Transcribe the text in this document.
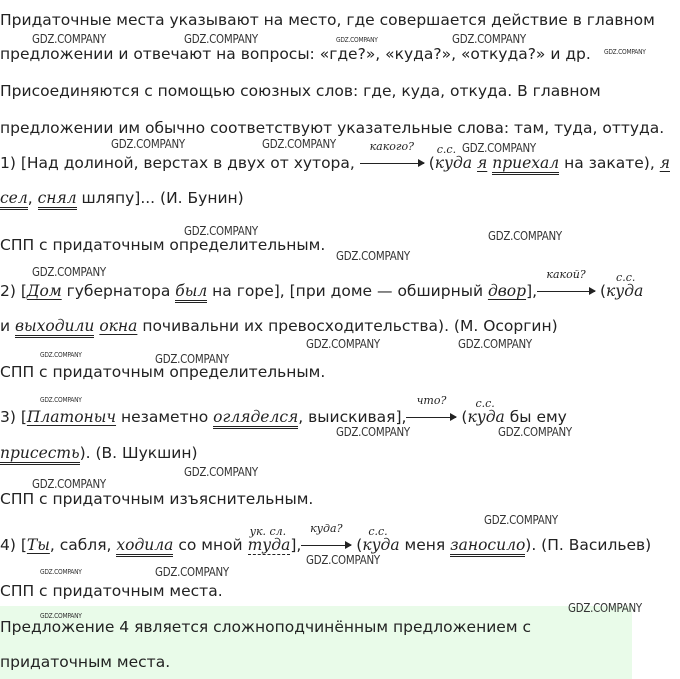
Придаточные места указывают на место, где совершается действие в главном
предложении и отвечают на вопросы: «где?», «куда?», «откуда?» и др.
Присоединяются с помощью союзных слов: где, куда, откуда. В главном
предложении им обычно соответствуют указательные слова: там, туда, оттуда.
1) [Над долиной, верстах в двух от хутора,
какого?
(
с.с.
куда я приехал на закате), я
сел, снял шляпу]... (И. Бунин)
СПП с придаточным определительным.
2) [Дом губернатора был на горе], [при доме — обширный двор],
какой?
(
с.с.
куда
и выходили окна почивальни их превосходительства). (М. Осоргин)
СПП с придаточным определительным.
3) [Платоныч незаметно огляделся, выискивая],
что?
(
с.с.
куда бы ему
присесть). (В. Шукшин)
СПП с придаточным изъяснительным.
4) [Ты, сабля, ходила со мной
ук. сл.
туда],
куда?
(
с.с.
куда меня заносило). (П. Васильев)
СПП с придаточным места.
Предложение 4 является сложноподчинённым предложением с
придаточным места.
GDZ.COMPANY	GDZ.COMPANY	GDZ.COMPANY	GDZ.COMPANY
GDZ.COMPANY
GDZ.COMPANY	GDZ.COMPANY	GDZ.COMPANY
GDZ.COMPANY	GDZ.COMPANY
GDZ.COMPANY
GDZ.COMPANY
GDZ.COMPANY	GDZ.COMPANY
GDZ.COMPANY	GDZ.COMPANY
GDZ.COMPANY
GDZ.COMPANY	GDZ.COMPANY
GDZ.COMPANY
GDZ.COMPANY
GDZ.COMPANY
GDZ.COMPANY
GDZ.COMPANY	GDZ.COMPANY
GDZ.COMPANY
GDZ.COMPANY
